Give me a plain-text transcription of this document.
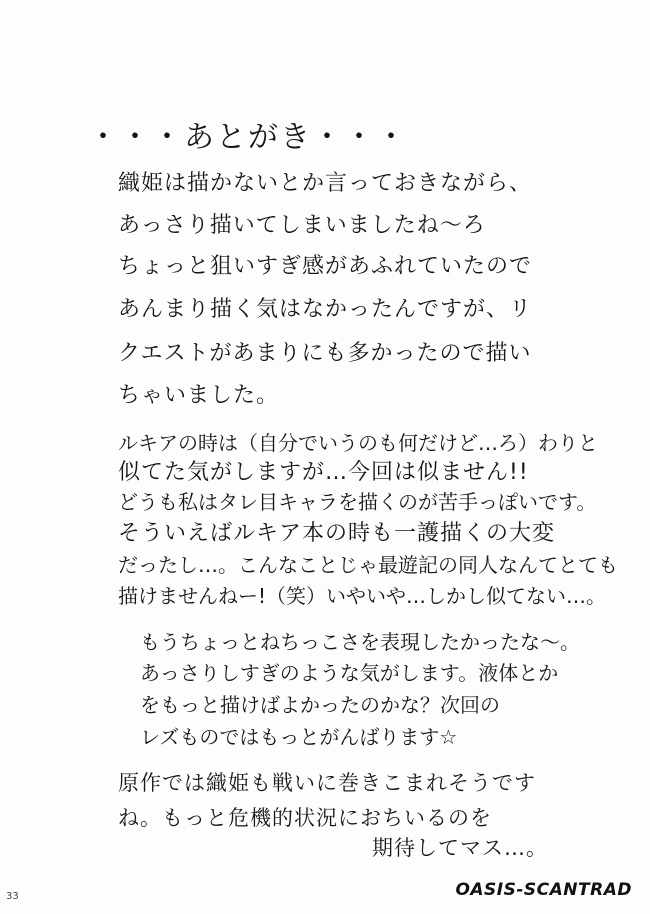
・・・あとがき・・・
織姫は描かないとか言っておきながら、
あっさり描いてしまいましたね～ろ
ちょっと狙いすぎ感があふれていたので
あんまり描く気はなかったんですが、リ
クエストがあまりにも多かったので描い
ちゃいました。
ルキアの時は（自分でいうのも何だけど…ろ）わりと
似てた気がしますが…今回は似ません!!
どうも私はタレ目キャラを描くのが苦手っぽいです。
そういえばルキア本の時も一護描くの大変
だったし…。こんなことじゃ最遊記の同人なんてとても
描けませんねー!（笑）いやいや…しかし似てない…。
もうちょっとねちっこさを表現したかったな～。
あっさりしすぎのような気がします。液体とか
をもっと描けばよかったのかな？次回の
レズものではもっとがんばります☆
原作では織姫も戦いに巻きこまれそうです
ね。もっと危機的状況におちいるのを
期待してマス…。
33	OASIS-SCANTRAD
